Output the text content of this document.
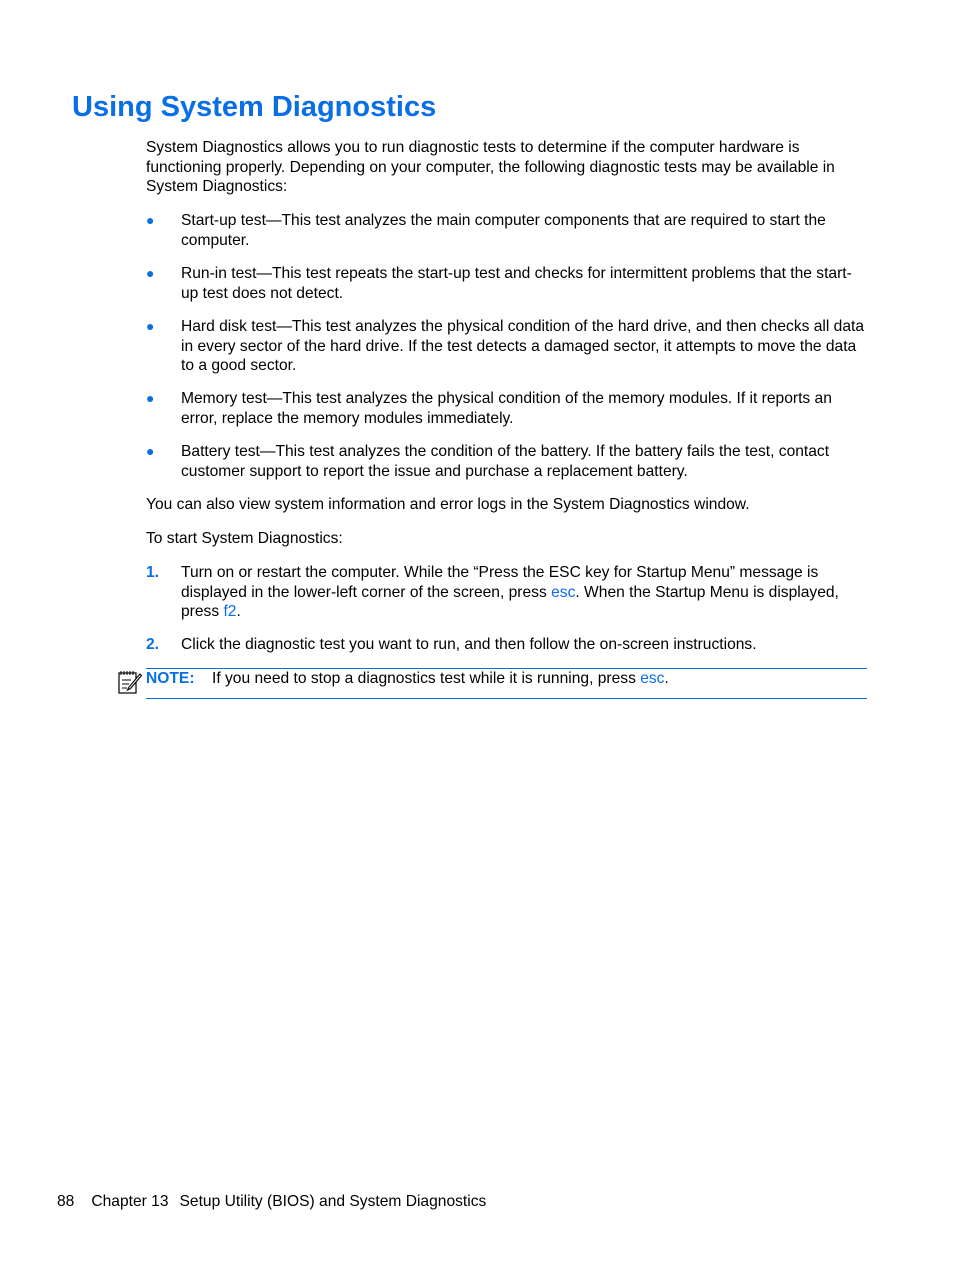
Using System Diagnostics

System Diagnostics allows you to run diagnostic tests to determine if the computer hardware is functioning properly. Depending on your computer, the following diagnostic tests may be available in System Diagnostics:

●	Start-up test—This test analyzes the main computer components that are required to start the computer.
●	Run-in test—This test repeats the start-up test and checks for intermittent problems that the start-up test does not detect.
●	Hard disk test—This test analyzes the physical condition of the hard drive, and then checks all data in every sector of the hard drive. If the test detects a damaged sector, it attempts to move the data to a good sector.
●	Memory test—This test analyzes the physical condition of the memory modules. If it reports an error, replace the memory modules immediately.
●	Battery test—This test analyzes the condition of the battery. If the battery fails the test, contact customer support to report the issue and purchase a replacement battery.

You can also view system information and error logs in the System Diagnostics window.

To start System Diagnostics:

1.	Turn on or restart the computer. While the “Press the ESC key for Startup Menu” message is displayed in the lower-left corner of the screen, press esc. When the Startup Menu is displayed, press f2.
2.	Click the diagnostic test you want to run, and then follow the on-screen instructions.
NOTE: If you need to stop a diagnostics test while it is running, press esc.
88 Chapter 13 Setup Utility (BIOS) and System Diagnostics
